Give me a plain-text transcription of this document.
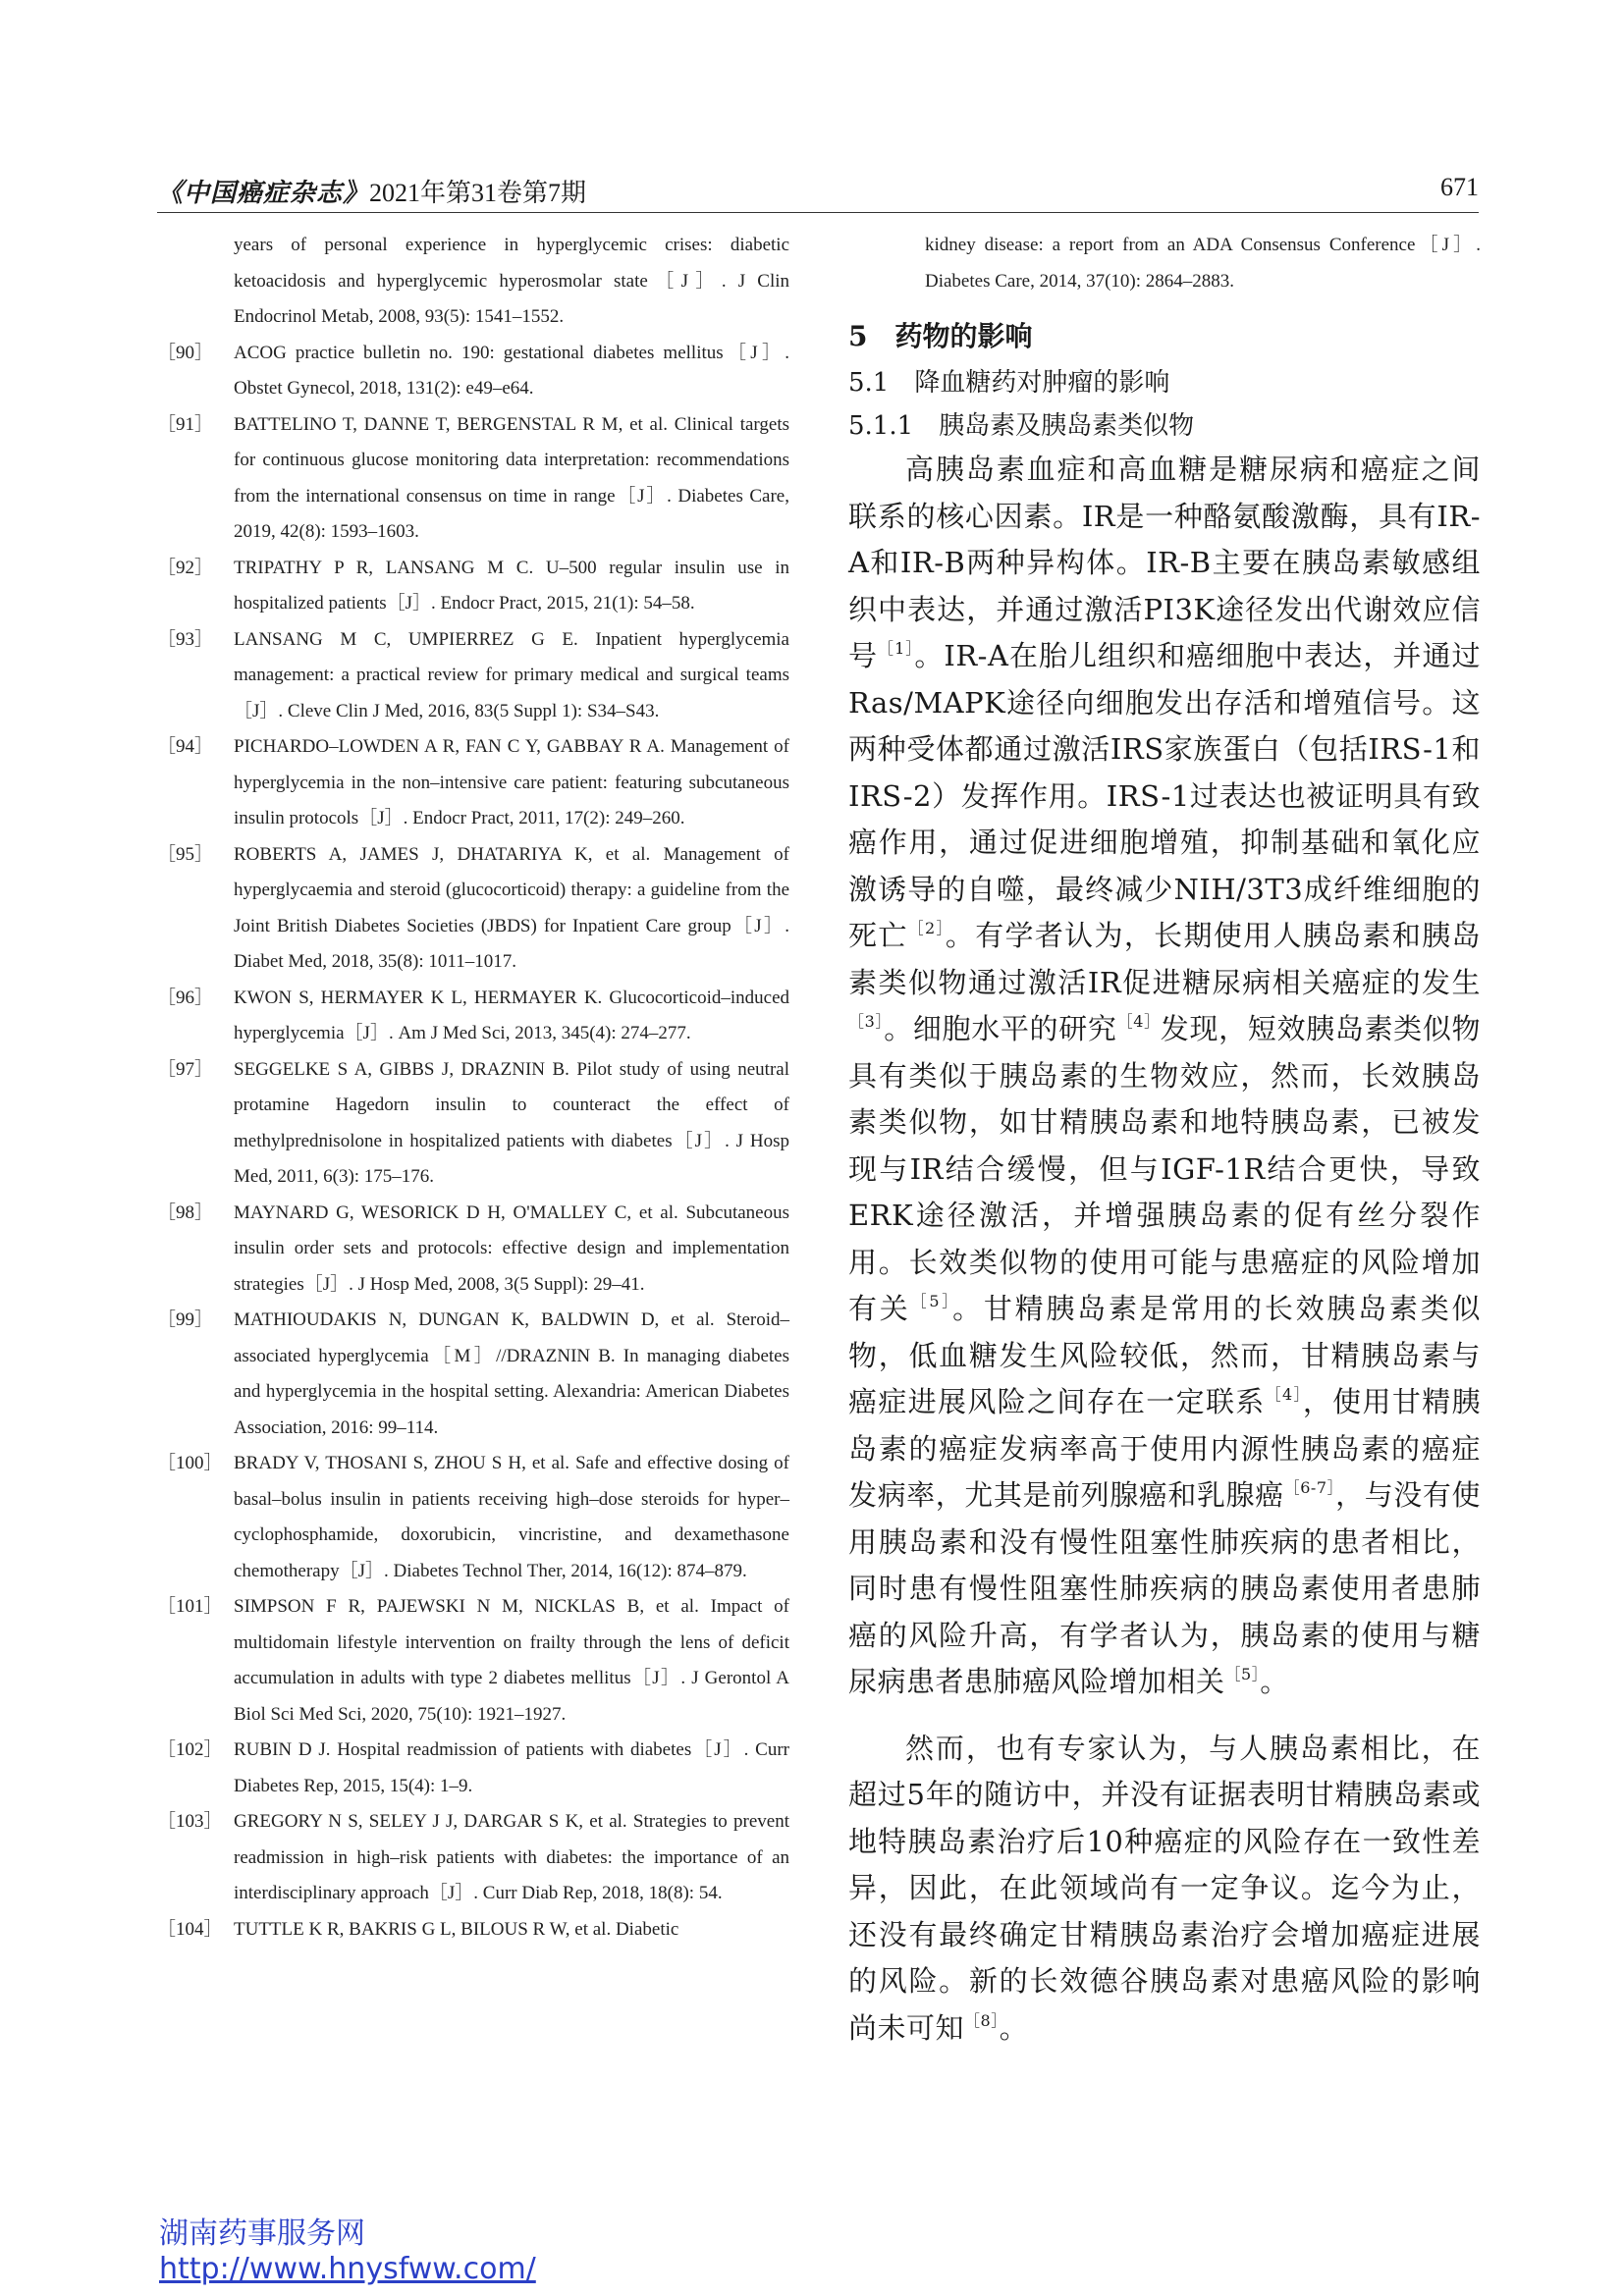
《中国癌症杂志》2021年第31卷第7期	671
years of personal experience in hyperglycemic crises: diabetic ketoacidosis and hyperglycemic hyperosmolar state［J］. J Clin Endocrinol Metab, 2008, 93(5): 1541–1552.
［90］ ACOG practice bulletin no. 190: gestational diabetes mellitus［J］. Obstet Gynecol, 2018, 131(2): e49–e64.
［91］ BATTELINO T, DANNE T, BERGENSTAL R M, et al. Clinical targets for continuous glucose monitoring data interpretation: recommendations from the international consensus on time in range［J］. Diabetes Care, 2019, 42(8): 1593–1603.
［92］ TRIPATHY P R, LANSANG M C. U–500 regular insulin use in hospitalized patients［J］. Endocr Pract, 2015, 21(1): 54–58.
［93］ LANSANG M C, UMPIERREZ G E. Inpatient hyperglycemia management: a practical review for primary medical and surgical teams［J］. Cleve Clin J Med, 2016, 83(5 Suppl 1): S34–S43.
［94］ PICHARDO–LOWDEN A R, FAN C Y, GABBAY R A. Management of hyperglycemia in the non–intensive care patient: featuring subcutaneous insulin protocols［J］. Endocr Pract, 2011, 17(2): 249–260.
［95］ ROBERTS A, JAMES J, DHATARIYA K, et al. Management of hyperglycaemia and steroid (glucocorticoid) therapy: a guideline from the Joint British Diabetes Societies (JBDS) for Inpatient Care group［J］. Diabet Med, 2018, 35(8): 1011–1017.
［96］ KWON S, HERMAYER K L, HERMAYER K. Glucocorticoid–induced hyperglycemia［J］. Am J Med Sci, 2013, 345(4): 274–277.
［97］ SEGGELKE S A, GIBBS J, DRAZNIN B. Pilot study of using neutral protamine Hagedorn insulin to counteract the effect of methylprednisolone in hospitalized patients with diabetes［J］. J Hosp Med, 2011, 6(3): 175–176.
［98］ MAYNARD G, WESORICK D H, O'MALLEY C, et al. Subcutaneous insulin order sets and protocols: effective design and implementation strategies［J］. J Hosp Med, 2008, 3(5 Suppl): 29–41.
［99］ MATHIOUDAKIS N, DUNGAN K, BALDWIN D, et al. Steroid–associated hyperglycemia［M］//DRAZNIN B. In managing diabetes and hyperglycemia in the hospital setting. Alexandria: American Diabetes Association, 2016: 99–114.
［100］ BRADY V, THOSANI S, ZHOU S H, et al. Safe and effective dosing of basal–bolus insulin in patients receiving high–dose steroids for hyper–cyclophosphamide, doxorubicin, vincristine, and dexamethasone chemotherapy［J］. Diabetes Technol Ther, 2014, 16(12): 874–879.
［101］ SIMPSON F R, PAJEWSKI N M, NICKLAS B, et al. Impact of multidomain lifestyle intervention on frailty through the lens of deficit accumulation in adults with type 2 diabetes mellitus［J］. J Gerontol A Biol Sci Med Sci, 2020, 75(10): 1921–1927.
［102］ RUBIN D J. Hospital readmission of patients with diabetes［J］. Curr Diabetes Rep, 2015, 15(4): 1–9.
［103］ GREGORY N S, SELEY J J, DARGAR S K, et al. Strategies to prevent readmission in high–risk patients with diabetes: the importance of an interdisciplinary approach［J］. Curr Diab Rep, 2018, 18(8): 54.
［104］ TUTTLE K R, BAKRIS G L, BILOUS R W, et al. Diabetic
kidney disease: a report from an ADA Consensus Conference［J］. Diabetes Care, 2014, 37(10): 2864–2883.
5　药物的影响
5.1　降血糖药对肿瘤的影响
5.1.1　胰岛素及胰岛素类似物

高胰岛素血症和高血糖是糖尿病和癌症之间联系的核心因素。IR是一种酪氨酸激酶，具有IR-A和IR-B两种异构体。IR-B主要在胰岛素敏感组织中表达，并通过激活PI3K途径发出代谢效应信号$^{[1]}$。IR-A在胎儿组织和癌细胞中表达，并通过Ras/MAPK途径向细胞发出存活和增殖信号。这两种受体都通过激活IRS家族蛋白（包括IRS-1和IRS-2）发挥作用。IRS-1过表达也被证明具有致癌作用，通过促进细胞增殖，抑制基础和氧化应激诱导的自噬，最终减少NIH/3T3成纤维细胞的死亡$^{[2]}$。有学者认为，长期使用人胰岛素和胰岛素类似物通过激活IR促进糖尿病相关癌症的发生$^{[3]}$。细胞水平的研究$^{[4]}$发现，短效胰岛素类似物具有类似于胰岛素的生物效应，然而，长效胰岛素类似物，如甘精胰岛素和地特胰岛素，已被发现与IR结合缓慢，但与IGF-1R结合更快，导致ERK途径激活，并增强胰岛素的促有丝分裂作用。长效类似物的使用可能与患癌症的风险增加有关$^{[5]}$。甘精胰岛素是常用的长效胰岛素类似物，低血糖发生风险较低，然而，甘精胰岛素与癌症进展风险之间存在一定联系$^{[4]}$，使用甘精胰岛素的癌症发病率高于使用内源性胰岛素的癌症发病率，尤其是前列腺癌和乳腺癌$^{[6-7]}$，与没有使用胰岛素和没有慢性阻塞性肺疾病的患者相比，同时患有慢性阻塞性肺疾病的胰岛素使用者患肺癌的风险升高，有学者认为，胰岛素的使用与糖尿病患者患肺癌风险增加相关$^{[5]}$。

然而，也有专家认为，与人胰岛素相比，在超过5年的随访中，并没有证据表明甘精胰岛素或地特胰岛素治疗后10种癌症的风险存在一致性差异，因此，在此领域尚有一定争议。迄今为止，还没有最终确定甘精胰岛素治疗会增加癌症进展的风险。新的长效德谷胰岛素对患癌风险的影响尚未可知$^{[8]}$。

湖南药事服务网
http://www.hnysfww.com/
